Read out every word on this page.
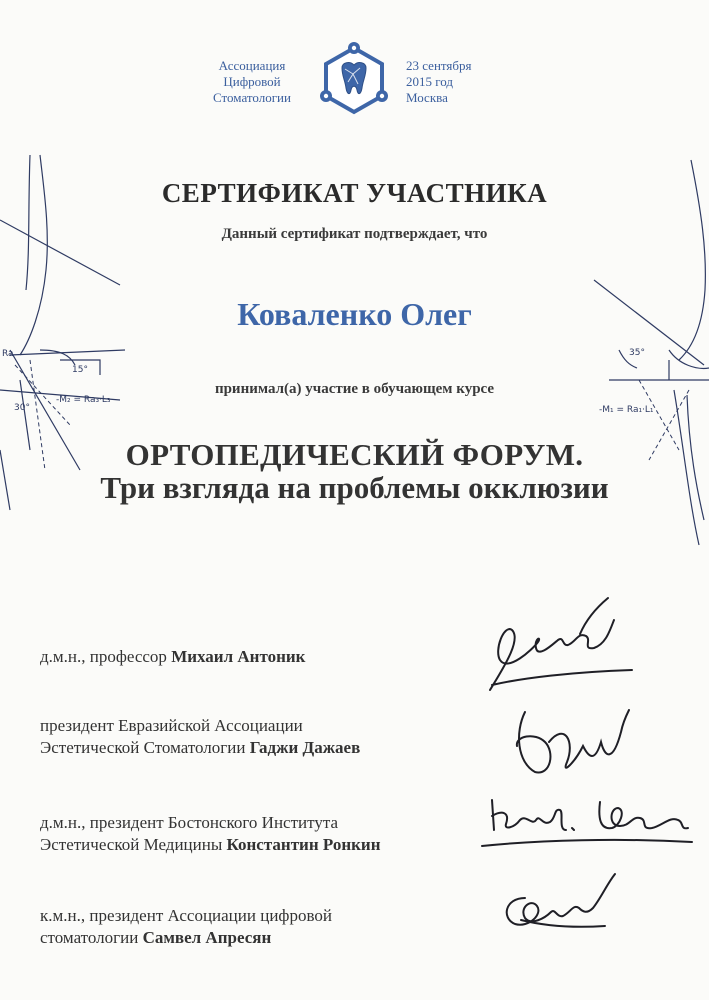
Ассоциация
Цифровой
Стоматологии
23 сентября
2015 год
Москва
Ra
15°
30°
-M₂ = Ra₃·L₃
35°
-M₁ = Ra₁·L₁
СЕРТИФИКАТ УЧАСТНИКА
Данный сертификат подтверждает, что
Коваленко Олег
принимал(а) участие в обучающем курсе
ОРТОПЕДИЧЕСКИЙ ФОРУМ.
Три взгляда на проблемы окклюзии
д.м.н., профессор Михаил Антоник
президент Евразийской Ассоциации
Эстетической Стоматологии Гаджи Дажаев
д.м.н., президент Бостонского Института
Эстетической Медицины Константин Ронкин
к.м.н., президент Ассоциации цифровой
стоматологии Самвел Апресян
